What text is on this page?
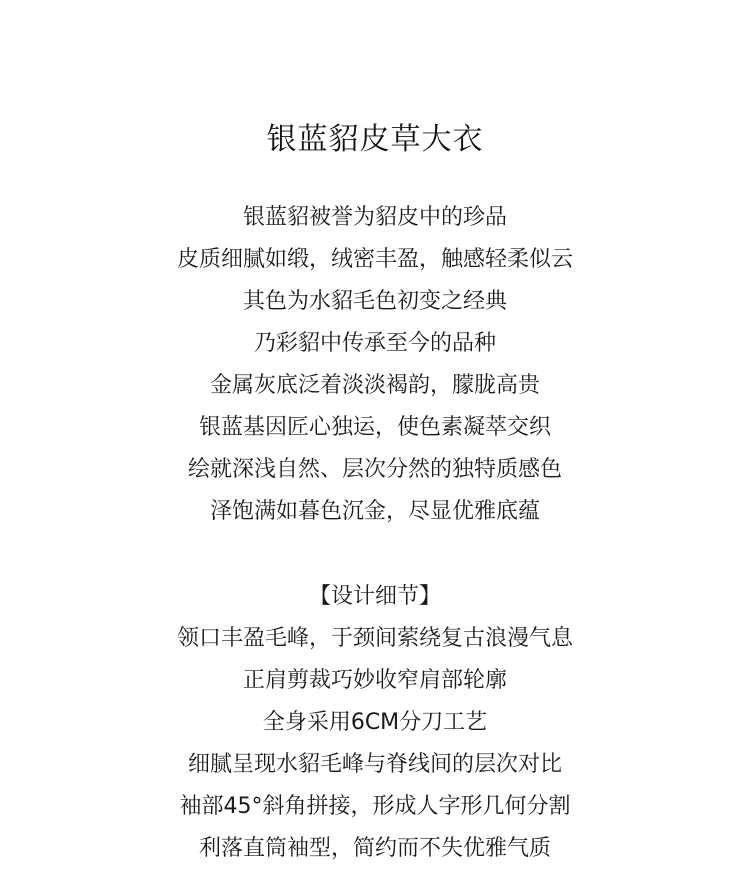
银蓝貂皮草大衣
银蓝貂被誉为貂皮中的珍品
皮质细腻如缎，绒密丰盈，触感轻柔似云
其色为水貂毛色初变之经典
乃彩貂中传承至今的品种
金属灰底泛着淡淡褐韵，朦胧高贵
银蓝基因匠心独运，使色素凝萃交织
绘就深浅自然、层次分然的独特质感色
泽饱满如暮色沉金，尽显优雅底蕴
【设计细节】
领口丰盈毛峰，于颈间萦绕复古浪漫气息
正肩剪裁巧妙收窄肩部轮廓
全身采用6CM分刀工艺
细腻呈现水貂毛峰与脊线间的层次对比
袖部45°斜角拼接，形成人字形几何分割
利落直筒袖型，简约而不失优雅气质
